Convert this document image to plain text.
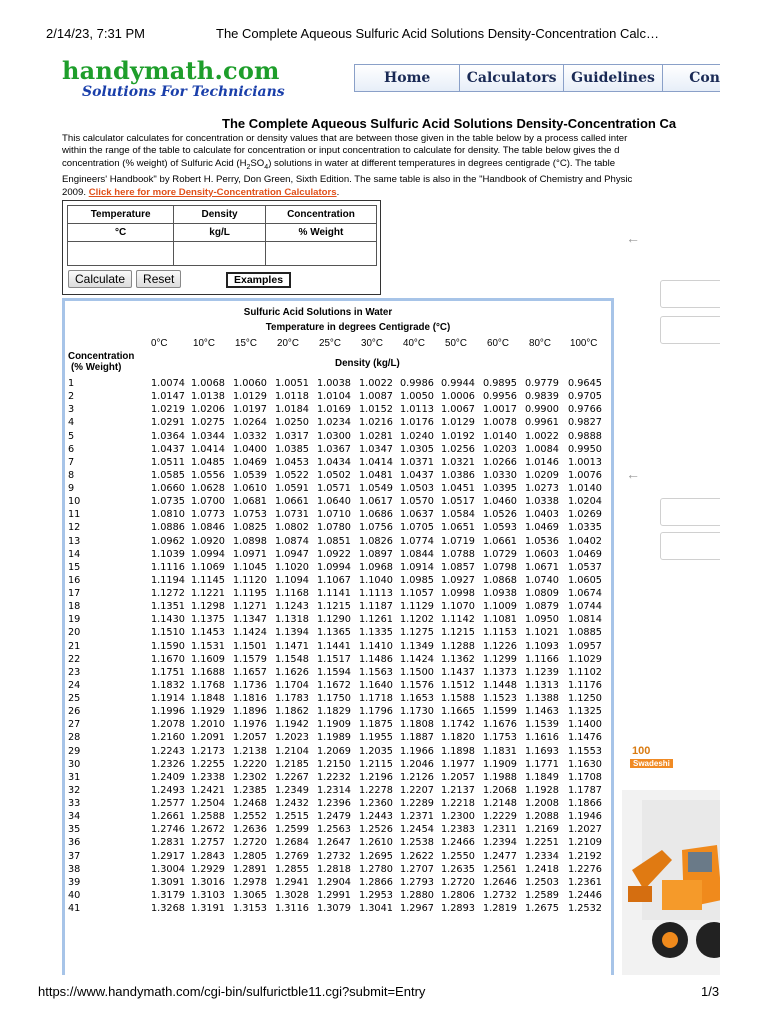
2/14/23, 7:31 PM	The Complete Aqueous Sulfuric Acid Solutions Density-Concentration Calc…
handymath.com
Solutions For Technicians
Home	Calculators	Guidelines	Con
The Complete Aqueous Sulfuric Acid Solutions Density-Concentration Ca
This calculator calculates for concentration or density values that are between those given in the table below by a process called inter
within the range of the table to calculate for concentration or input concentration to calculate for density. The table below gives the d
concentration (% weight) of Sulfuric Acid $(H_2SO_4)$ solutions in water at different temperatures in degrees centigrade (°C). The table
Engineers' Handbook" by Robert H. Perry, Don Green, Sixth Edition. The same table is also in the "Handbook of Chemistry and Physic
2009. Click here for more Density-Concentration Calculators.
Temperature	Density	Concentration
°C	kg/L	% Weight

Calculate	Reset	Examples
Sulfuric Acid Solutions in Water
Temperature in degrees Centigrade (°C)
0°C	10°C 15°C 20°C 25°C 30°C 40°C 50°C 60°C 80°C 100°C
Concentration
(% Weight)	Density (kg/L)
1	1.0074 1.0068 1.0060 1.0051 1.0038 1.0022 0.9986 0.9944 0.9895 0.9779 0.9645
2	1.0147 1.0138 1.0129 1.0118 1.0104 1.0087 1.0050 1.0006 0.9956 0.9839 0.9705
3	1.0219 1.0206 1.0197 1.0184 1.0169 1.0152 1.0113 1.0067 1.0017 0.9900 0.9766
4	1.0291 1.0275 1.0264 1.0250 1.0234 1.0216 1.0176 1.0129 1.0078 0.9961 0.9827
5	1.0364 1.0344 1.0332 1.0317 1.0300 1.0281 1.0240 1.0192 1.0140 1.0022 0.9888
6	1.0437 1.0414 1.0400 1.0385 1.0367 1.0347 1.0305 1.0256 1.0203 1.0084 0.9950
7	1.0511 1.0485 1.0469 1.0453 1.0434 1.0414 1.0371 1.0321 1.0266 1.0146 1.0013
8	1.0585 1.0556 1.0539 1.0522 1.0502 1.0481 1.0437 1.0386 1.0330 1.0209 1.0076
9	1.0660 1.0628 1.0610 1.0591 1.0571 1.0549 1.0503 1.0451 1.0395 1.0273 1.0140
10	1.0735 1.0700 1.0681 1.0661 1.0640 1.0617 1.0570 1.0517 1.0460 1.0338 1.0204
11	1.0810 1.0773 1.0753 1.0731 1.0710 1.0686 1.0637 1.0584 1.0526 1.0403 1.0269
12	1.0886 1.0846 1.0825 1.0802 1.0780 1.0756 1.0705 1.0651 1.0593 1.0469 1.0335
13	1.0962 1.0920 1.0898 1.0874 1.0851 1.0826 1.0774 1.0719 1.0661 1.0536 1.0402
14	1.1039 1.0994 1.0971 1.0947 1.0922 1.0897 1.0844 1.0788 1.0729 1.0603 1.0469
15	1.1116 1.1069 1.1045 1.1020 1.0994 1.0968 1.0914 1.0857 1.0798 1.0671 1.0537
16	1.1194 1.1145 1.1120 1.1094 1.1067 1.1040 1.0985 1.0927 1.0868 1.0740 1.0605
17	1.1272 1.1221 1.1195 1.1168 1.1141 1.1113 1.1057 1.0998 1.0938 1.0809 1.0674
18	1.1351 1.1298 1.1271 1.1243 1.1215 1.1187 1.1129 1.1070 1.1009 1.0879 1.0744
19	1.1430 1.1375 1.1347 1.1318 1.1290 1.1261 1.1202 1.1142 1.1081 1.0950 1.0814
20	1.1510 1.1453 1.1424 1.1394 1.1365 1.1335 1.1275 1.1215 1.1153 1.1021 1.0885
21	1.1590 1.1531 1.1501 1.1471 1.1441 1.1410 1.1349 1.1288 1.1226 1.1093 1.0957
22	1.1670 1.1609 1.1579 1.1548 1.1517 1.1486 1.1424 1.1362 1.1299 1.1166 1.1029
23	1.1751 1.1688 1.1657 1.1626 1.1594 1.1563 1.1500 1.1437 1.1373 1.1239 1.1102
24	1.1832 1.1768 1.1736 1.1704 1.1672 1.1640 1.1576 1.1512 1.1448 1.1313 1.1176
25	1.1914 1.1848 1.1816 1.1783 1.1750 1.1718 1.1653 1.1588 1.1523 1.1388 1.1250
26	1.1996 1.1929 1.1896 1.1862 1.1829 1.1796 1.1730 1.1665 1.1599 1.1463 1.1325
27	1.2078 1.2010 1.1976 1.1942 1.1909 1.1875 1.1808 1.1742 1.1676 1.1539 1.1400
28	1.2160 1.2091 1.2057 1.2023 1.1989 1.1955 1.1887 1.1820 1.1753 1.1616 1.1476
29	1.2243 1.2173 1.2138 1.2104 1.2069 1.2035 1.1966 1.1898 1.1831 1.1693 1.1553
30	1.2326 1.2255 1.2220 1.2185 1.2150 1.2115 1.2046 1.1977 1.1909 1.1771 1.1630
31	1.2409 1.2338 1.2302 1.2267 1.2232 1.2196 1.2126 1.2057 1.1988 1.1849 1.1708
32	1.2493 1.2421 1.2385 1.2349 1.2314 1.2278 1.2207 1.2137 1.2068 1.1928 1.1787
33	1.2577 1.2504 1.2468 1.2432 1.2396 1.2360 1.2289 1.2218 1.2148 1.2008 1.1866
34	1.2661 1.2588 1.2552 1.2515 1.2479 1.2443 1.2371 1.2300 1.2229 1.2088 1.1946
35	1.2746 1.2672 1.2636 1.2599 1.2563 1.2526 1.2454 1.2383 1.2311 1.2169 1.2027
36	1.2831 1.2757 1.2720 1.2684 1.2647 1.2610 1.2538 1.2466 1.2394 1.2251 1.2109
37	1.2917 1.2843 1.2805 1.2769 1.2732 1.2695 1.2622 1.2550 1.2477 1.2334 1.2192
38	1.3004 1.2929 1.2891 1.2855 1.2818 1.2780 1.2707 1.2635 1.2561 1.2418 1.2276
39	1.3091 1.3016 1.2978 1.2941 1.2904 1.2866 1.2793 1.2720 1.2646 1.2503 1.2361
40	1.3179 1.3103 1.3065 1.3028 1.2991 1.2953 1.2880 1.2806 1.2732 1.2589 1.2446
41	1.3268 1.3191 1.3153 1.3116 1.3079 1.3041 1.2967 1.2893 1.2819 1.2675 1.2532
←
←
100
Swadeshi
https://www.handymath.com/cgi-bin/sulfurictble11.cgi?submit=Entry	1/3
